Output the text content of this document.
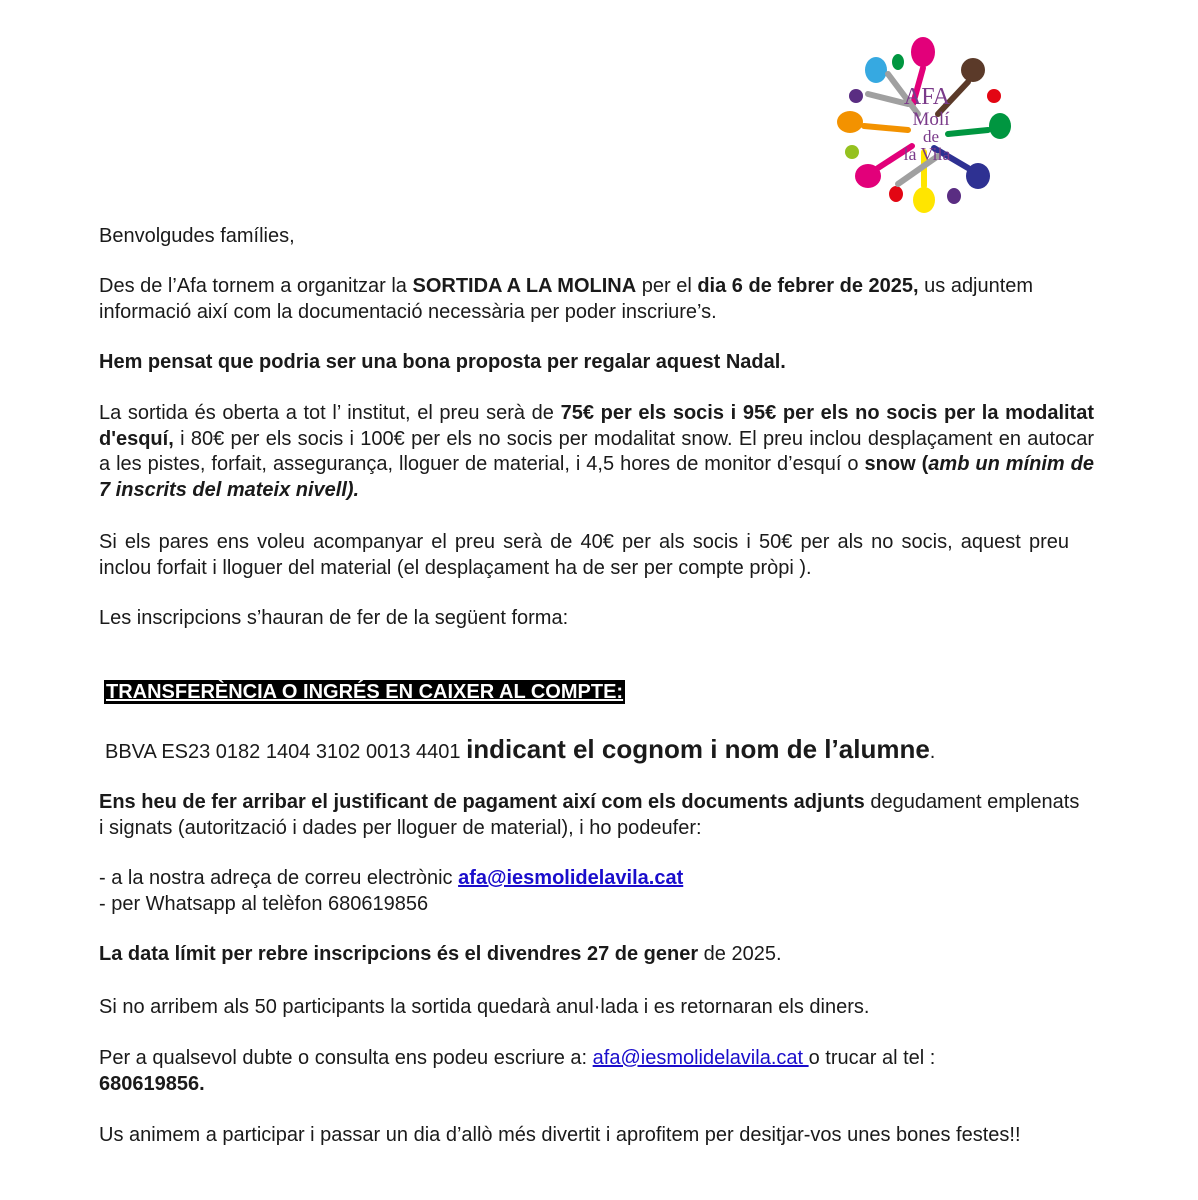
AFA
Molí
de
la Vila

Benvolgudes famílies,

Des de l’Afa tornem a organitzar la SORTIDA A LA MOLINA per el dia 6 de febrer de 2025, us adjuntem informació així com la documentació necessària per poder inscriure’s.

Hem pensat que podria ser una bona proposta per regalar aquest Nadal.

La sortida és oberta a tot l’ institut, el preu serà de 75€ per els socis i 95€ per els no socis per la modalitat d'esquí, i 80€ per els socis i 100€ per els no socis per modalitat snow. El preu inclou desplaçament en autocar a les pistes, forfait, assegurança, lloguer de material, i 4,5 hores de monitor d’esquí o snow (amb un mínim de 7 inscrits del mateix nivell).

Si els pares ens voleu acompanyar el preu serà de 40€ per als socis i 50€ per als no socis, aquest preu inclou forfait i lloguer del material (el desplaçament ha de ser per compte pròpi ).

Les inscripcions s’hauran de fer de la següent forma:

TRANSFERÈNCIA O INGRÉS EN CAIXER AL COMPTE:
BBVA ES23 0182 1404 3102 0013 4401 indicant el cognom i nom de l’alumne.

Ens heu de fer arribar el justificant de pagament així com els documents adjunts degudament emplenats i signats (autorització i dades per lloguer de material), i ho podeufer:

- a la nostra adreça de correu electrònic afa@iesmolidelavila.cat

- per Whatsapp al telèfon 680619856

La data límit per rebre inscripcions és el divendres 27 de gener de 2025.

Si no arribem als 50 participants la sortida quedarà anul·lada i es retornaran els diners.

Per a qualsevol dubte o consulta ens podeu escriure a: afa@iesmolidelavila.cat o trucar al tel :
680619856.

Us animem a participar i passar un dia d’allò més divertit i aprofitem per desitjar-vos unes bones festes!!
